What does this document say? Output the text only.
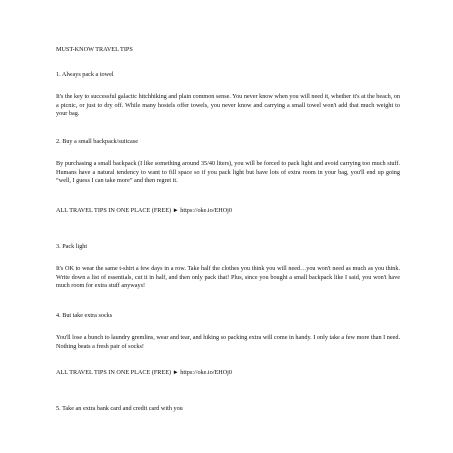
MUST-KNOW TRAVEL TIPS

1. Always pack a towel

It's the key to successful galactic hitchhiking and plain common sense. You never know when you will need it, whether it's at the beach, on a picnic, or just to dry off. While many hostels offer towels, you never know and carrying a small towel won't add that much weight to your bag.

2. Buy a small backpack/suitcase

By purchasing a small backpack (I like something around 35/40 liters), you will be forced to pack light and avoid carrying too much stuff. Humans have a natural tendency to want to fill space so if you pack light but have lots of extra room in your bag, you'll end up going “well, I guess I can take more” and then regret it.

ALL TRAVEL TIPS IN ONE PLACE (FREE) ► https://oke.io/EHOj0

3. Pack light

It's OK to wear the same t-shirt a few days in a row. Take half the clothes you think you will need…you won't need as much as you think. Write down a list of essentials, cut it in half, and then only pack that! Plus, since you bought a small backpack like I said, you won't have much room for extra stuff anyways!

4. But take extra socks

You'll lose a bunch to laundry gremlins, wear and tear, and hiking so packing extra will come in handy. I only take a few more than I need. Nothing beats a fresh pair of socks!

ALL TRAVEL TIPS IN ONE PLACE (FREE) ► https://oke.io/EHOj0

5. Take an extra bank card and credit card with you
